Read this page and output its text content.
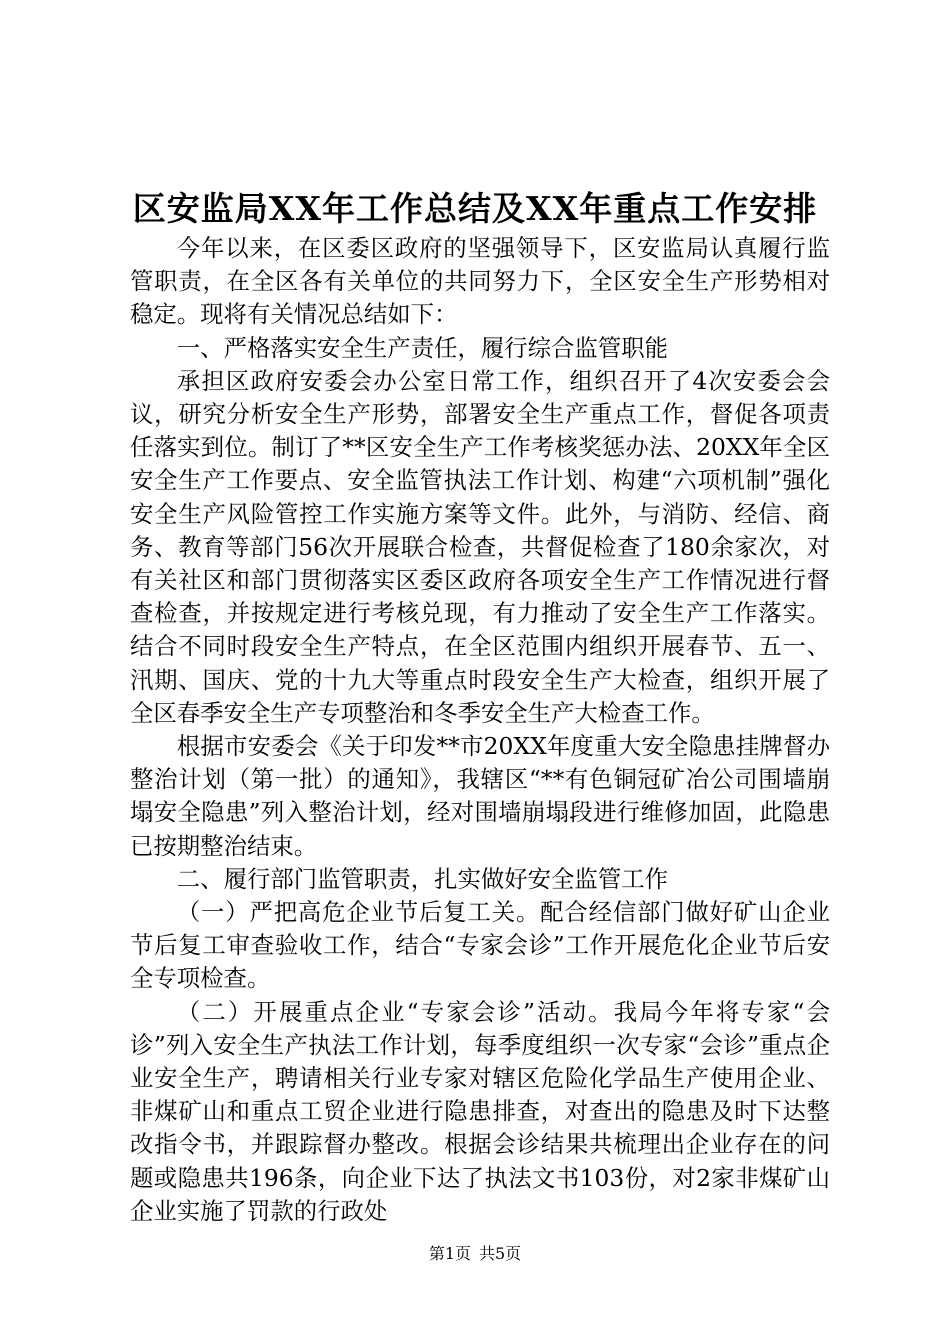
区安监局XX年工作总结及XX年重点工作安排

今年以来，在区委区政府的坚强领导下，区安监局认真履行监管职责，在全区各有关单位的共同努力下，全区安全生产形势相对稳定。现将有关情况总结如下：

一、严格落实安全生产责任，履行综合监管职能

承担区政府安委会办公室日常工作，组织召开了4次安委会会议，研究分析安全生产形势，部署安全生产重点工作，督促各项责任落实到位。制订了**区安全生产工作考核奖惩办法、20XX年全区安全生产工作要点、安全监管执法工作计划、构建“六项机制”强化安全生产风险管控工作实施方案等文件。此外，与消防、经信、商务、教育等部门56次开展联合检查，共督促检查了180余家次，对有关社区和部门贯彻落实区委区政府各项安全生产工作情况进行督查检查，并按规定进行考核兑现，有力推动了安全生产工作落实。结合不同时段安全生产特点，在全区范围内组织开展春节、五一、汛期、国庆、党的十九大等重点时段安全生产大检查，组织开展了全区春季安全生产专项整治和冬季安全生产大检查工作。

根据市安委会《关于印发**市20XX年度重大安全隐患挂牌督办整治计划（第一批）的通知》，我辖区“**有色铜冠矿冶公司围墙崩塌安全隐患”列入整治计划，经对围墙崩塌段进行维修加固，此隐患已按期整治结束。

二、履行部门监管职责，扎实做好安全监管工作

（一）严把高危企业节后复工关。配合经信部门做好矿山企业节后复工审查验收工作，结合“专家会诊”工作开展危化企业节后安全专项检查。

（二）开展重点企业“专家会诊”活动。我局今年将专家“会诊”列入安全生产执法工作计划，每季度组织一次专家“会诊”重点企业安全生产，聘请相关行业专家对辖区危险化学品生产使用企业、非煤矿山和重点工贸企业进行隐患排查，对查出的隐患及时下达整改指令书，并跟踪督办整改。根据会诊结果共梳理出企业存在的问题或隐患共196条，向企业下达了执法文书103份，对2家非煤矿山企业实施了罚款的行政处

第1页 共5页
